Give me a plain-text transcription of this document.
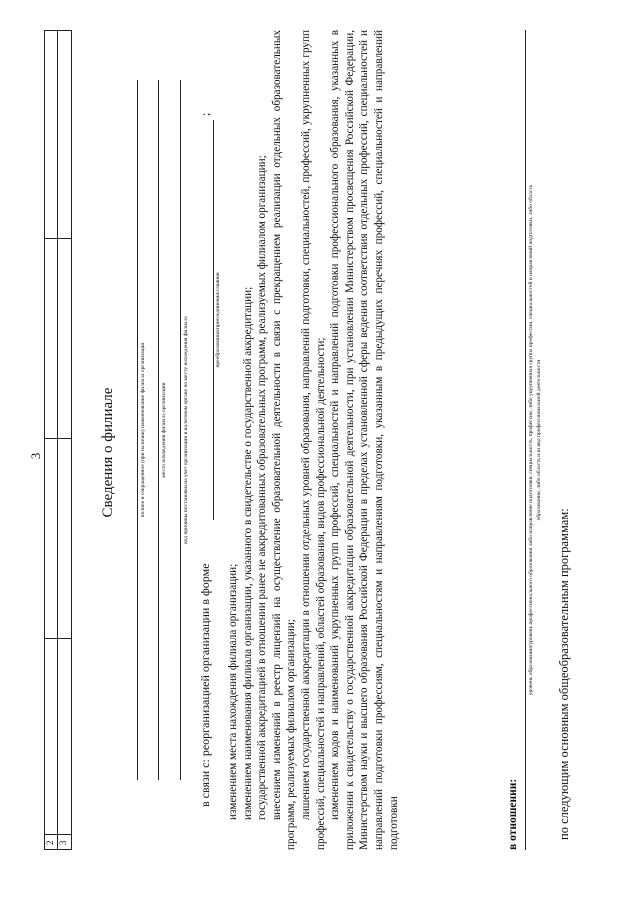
3
2 3
Сведения о филиале	полное и сокращенное (при наличии) наименование филиала организации	место нахождения филиала организации	код причины постановки на учет организации в налоговом органе по месту нахождения филиала
в связи с: реорганизацией организации в форме
;
преобразования/присоединения/слияния

изменением места нахождения филиала организации; изменением наименования филиала организации, указанного в свидетельстве о государственной аккредитации; государственной аккредитацией в отношении ранее не аккредитованных образовательных программ, реализуемых филиалом организации; внесением изменений в реестр лицензий на осуществление образовательной деятельности в связи с прекращением реализации отдельных образовательных программ, реализуемых филиалом организации; лишением государственной аккредитации в отношении отдельных уровней образования, направлений подготовки, специальностей, профессий, укрупненных групп профессий, специальностей и направлений, областей образования, видов профессиональной деятельности; изменением кодов и наименований укрупненных групп профессий, специальностей и направлений подготовки профессионального образования, указанных в приложении к свидетельству о государственной аккредитации образовательной деятельности, при установлении Министерством просвещения Российской Федерации, Министерством науки и высшего образования Российской Федерации в пределах установленной сферы ведения соответствия отдельных профессий, специальностей и направлений подготовки профессиям, специальностям и направлениям подготовки, указанным в предыдущих перечнях профессий, специальностей и направлений подготовки	в отношении:
уровень образования/уровень профессионального образования либо направление подготовки, специальность, профессия, либо укрупненная группа профессии, специальностей и направлений подготовки, либо область образования, либо область или вид профессиональной деятельности
по следующим основным общеобразовательным программам:
